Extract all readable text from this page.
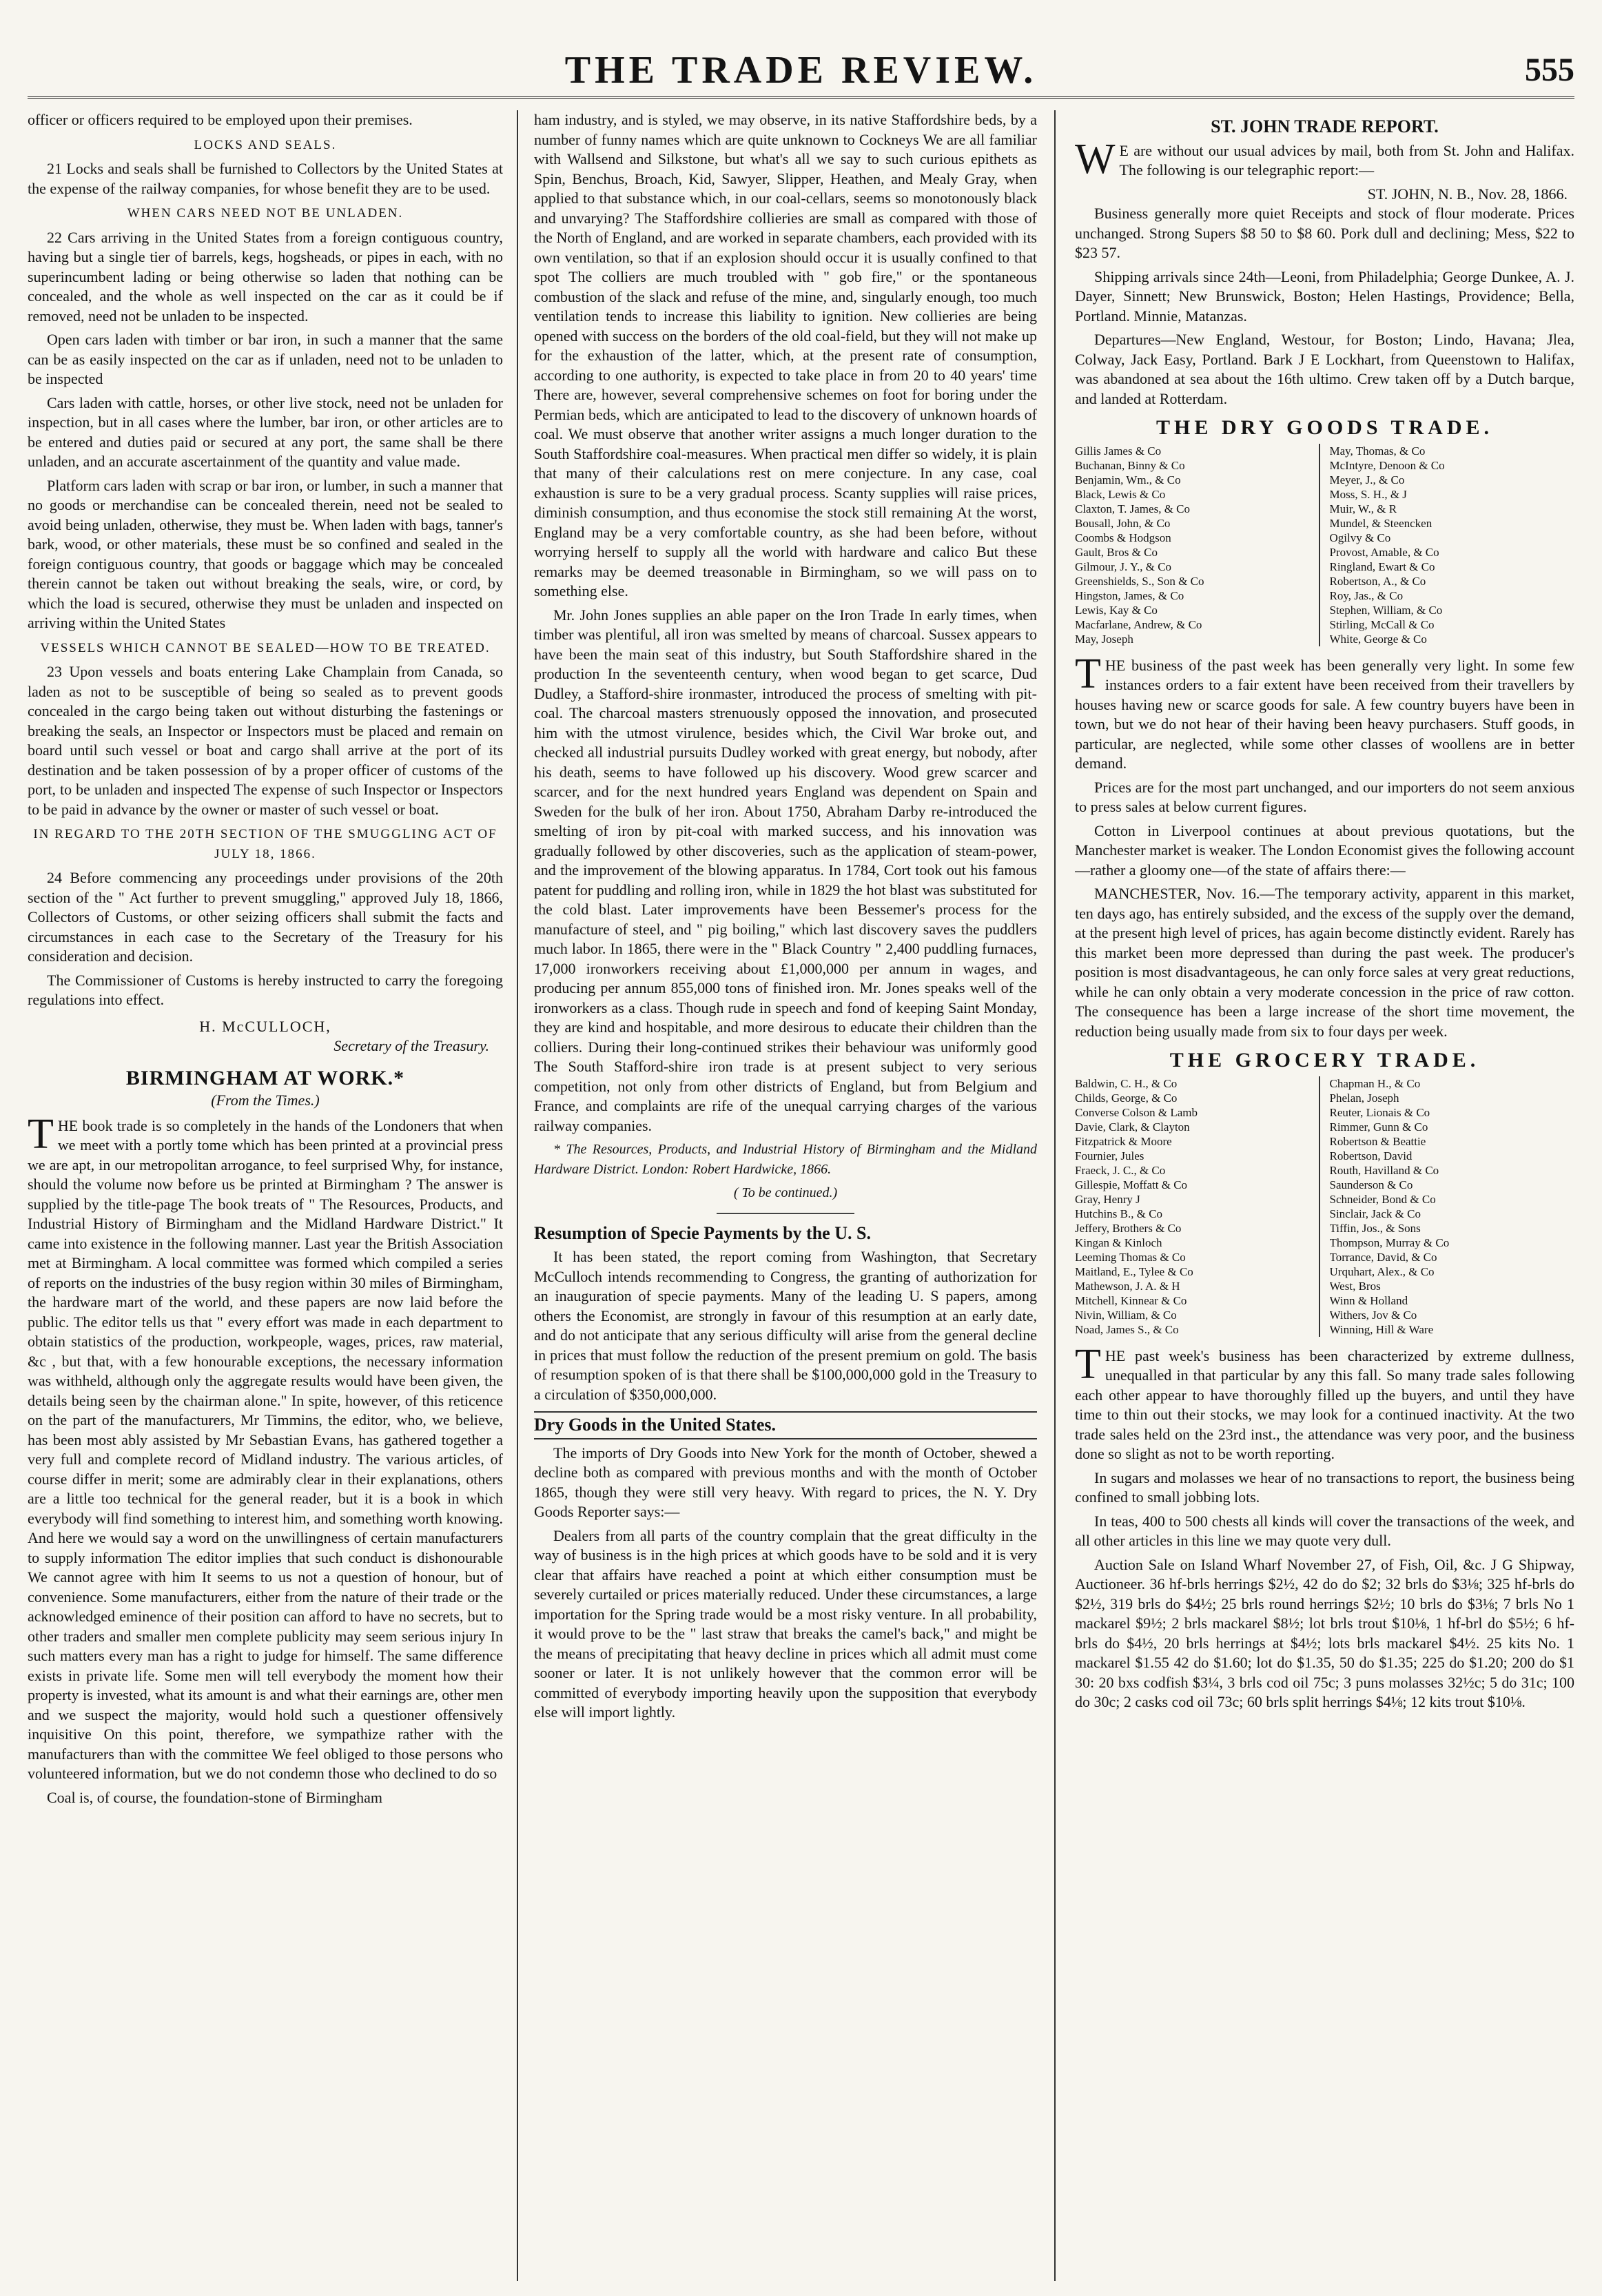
THE TRADE REVIEW.	555

officer or officers required to be employed upon their premises.

LOCKS AND SEALS.

21 Locks and seals shall be furnished to Collectors by the United States at the expense of the railway companies, for whose benefit they are to be used.

WHEN CARS NEED NOT BE UNLADEN.

22 Cars arriving in the United States from a foreign contiguous country, having but a single tier of barrels, kegs, hogsheads, or pipes in each, with no superincumbent lading or being otherwise so laden that nothing can be concealed, and the whole as well inspected on the car as it could be if removed, need not be unladen to be inspected.

Open cars laden with timber or bar iron, in such a manner that the same can be as easily inspected on the car as if unladen, need not to be unladen to be inspected

Cars laden with cattle, horses, or other live stock, need not be unladen for inspection, but in all cases where the lumber, bar iron, or other articles are to be entered and duties paid or secured at any port, the same shall be there unladen, and an accurate ascertainment of the quantity and value made.

Platform cars laden with scrap or bar iron, or lumber, in such a manner that no goods or merchandise can be concealed therein, need not be sealed to avoid being unladen, otherwise, they must be. When laden with bags, tanner's bark, wood, or other materials, these must be so confined and sealed in the foreign contiguous country, that goods or baggage which may be concealed therein cannot be taken out without breaking the seals, wire, or cord, by which the load is secured, otherwise they must be unladen and inspected on arriving within the United States

VESSELS WHICH CANNOT BE SEALED—HOW TO BE TREATED.

23 Upon vessels and boats entering Lake Champlain from Canada, so laden as not to be susceptible of being so sealed as to prevent goods concealed in the cargo being taken out without disturbing the fastenings or breaking the seals, an Inspector or Inspectors must be placed and remain on board until such vessel or boat and cargo shall arrive at the port of its destination and be taken possession of by a proper officer of customs of the port, to be unladen and inspected The expense of such Inspector or Inspectors to be paid in advance by the owner or master of such vessel or boat.

IN REGARD TO THE 20TH SECTION OF THE SMUGGLING ACT OF JULY 18, 1866.

24 Before commencing any proceedings under provisions of the 20th section of the " Act further to prevent smuggling," approved July 18, 1866, Collectors of Customs, or other seizing officers shall submit the facts and circumstances in each case to the Secretary of the Treasury for his consideration and decision.

The Commissioner of Customs is hereby instructed to carry the foregoing regulations into effect.

H. McCULLOCH,
Secretary of the Treasury.
BIRMINGHAM AT WORK.*
(From the Times.)

THE book trade is so completely in the hands of the Londoners that when we meet with a portly tome which has been printed at a provincial press we are apt, in our metropolitan arrogance, to feel surprised Why, for instance, should the volume now before us be printed at Birmingham ? The answer is supplied by the title-page The book treats of " The Resources, Products, and Industrial History of Birmingham and the Midland Hardware District." It came into existence in the following manner. Last year the British Association met at Birmingham. A local committee was formed which compiled a series of reports on the industries of the busy region within 30 miles of Birmingham, the hardware mart of the world, and these papers are now laid before the public. The editor tells us that " every effort was made in each department to obtain statistics of the production, workpeople, wages, prices, raw material, &c , but that, with a few honourable exceptions, the necessary information was withheld, although only the aggregate results would have been given, the details being seen by the chairman alone." In spite, however, of this reticence on the part of the manufacturers, Mr Timmins, the editor, who, we believe, has been most ably assisted by Mr Sebastian Evans, has gathered together a very full and complete record of Midland industry. The various articles, of course differ in merit; some are admirably clear in their explanations, others are a little too technical for the general reader, but it is a book in which everybody will find something to interest him, and something worth knowing. And here we would say a word on the unwillingness of certain manufacturers to supply information The editor implies that such conduct is dishonourable We cannot agree with him It seems to us not a question of honour, but of convenience. Some manufacturers, either from the nature of their trade or the acknowledged eminence of their position can afford to have no secrets, but to other traders and smaller men complete publicity may seem serious injury In such matters every man has a right to judge for himself. The same difference exists in private life. Some men will tell everybody the moment how their property is invested, what its amount is and what their earnings are, other men and we suspect the majority, would hold such a questioner offensively inquisitive On this point, therefore, we sympathize rather with the manufacturers than with the committee We feel obliged to those persons who volunteered information, but we do not condemn those who declined to do so

Coal is, of course, the foundation-stone of Birmingham

ham industry, and is styled, we may observe, in its native Staffordshire beds, by a number of funny names which are quite unknown to Cockneys We are all familiar with Wallsend and Silkstone, but what's all we say to such curious epithets as Spin, Benchus, Broach, Kid, Sawyer, Slipper, Heathen, and Mealy Gray, when applied to that substance which, in our coal-cellars, seems so monotonously black and unvarying? The Staffordshire collieries are small as compared with those of the North of England, and are worked in separate chambers, each provided with its own ventilation, so that if an explosion should occur it is usually confined to that spot The colliers are much troubled with " gob fire," or the spontaneous combustion of the slack and refuse of the mine, and, singularly enough, too much ventilation tends to increase this liability to ignition. New collieries are being opened with success on the borders of the old coal-field, but they will not make up for the exhaustion of the latter, which, at the present rate of consumption, according to one authority, is expected to take place in from 20 to 40 years' time There are, however, several comprehensive schemes on foot for boring under the Permian beds, which are anticipated to lead to the discovery of unknown hoards of coal. We must observe that another writer assigns a much longer duration to the South Staffordshire coal-measures. When practical men differ so widely, it is plain that many of their calculations rest on mere conjecture. In any case, coal exhaustion is sure to be a very gradual process. Scanty supplies will raise prices, diminish consumption, and thus economise the stock still remaining At the worst, England may be a very comfortable country, as she had been before, without worrying herself to supply all the world with hardware and calico But these remarks may be deemed treasonable in Birmingham, so we will pass on to something else.

Mr. John Jones supplies an able paper on the Iron Trade In early times, when timber was plentiful, all iron was smelted by means of charcoal. Sussex appears to have been the main seat of this industry, but South Staffordshire shared in the production In the seventeenth century, when wood began to get scarce, Dud Dudley, a Stafford-shire ironmaster, introduced the process of smelting with pit-coal. The charcoal masters strenuously opposed the innovation, and prosecuted him with the utmost virulence, besides which, the Civil War broke out, and checked all industrial pursuits Dudley worked with great energy, but nobody, after his death, seems to have followed up his discovery. Wood grew scarcer and scarcer, and for the next hundred years England was dependent on Spain and Sweden for the bulk of her iron. About 1750, Abraham Darby re-introduced the smelting of iron by pit-coal with marked success, and his innovation was gradually followed by other discoveries, such as the application of steam-power, and the improvement of the blowing apparatus. In 1784, Cort took out his famous patent for puddling and rolling iron, while in 1829 the hot blast was substituted for the cold blast. Later improvements have been Bessemer's process for the manufacture of steel, and " pig boiling," which last discovery saves the puddlers much labor. In 1865, there were in the " Black Country " 2,400 puddling furnaces, 17,000 ironworkers receiving about £1,000,000 per annum in wages, and producing per annum 855,000 tons of finished iron. Mr. Jones speaks well of the ironworkers as a class. Though rude in speech and fond of keeping Saint Monday, they are kind and hospitable, and more desirous to educate their children than the colliers. During their long-continued strikes their behaviour was uniformly good The South Stafford-shire iron trade is at present subject to very serious competition, not only from other districts of England, but from Belgium and France, and complaints are rife of the unequal carrying charges of the various railway companies.

* The Resources, Products, and Industrial History of Birmingham and the Midland Hardware District. London: Robert Hardwicke, 1866.

( To be continued.)
Resumption of Specie Payments by the U. S.

It has been stated, the report coming from Washington, that Secretary McCulloch intends recommending to Congress, the granting of authorization for an inauguration of specie payments. Many of the leading U. S papers, among others the Economist, are strongly in favour of this resumption at an early date, and do not anticipate that any serious difficulty will arise from the general decline in prices that must follow the reduction of the present premium on gold. The basis of resumption spoken of is that there shall be $100,000,000 gold in the Treasury to a circulation of $350,000,000.

Dry Goods in the United States.

The imports of Dry Goods into New York for the month of October, shewed a decline both as compared with previous months and with the month of October 1865, though they were still very heavy. With regard to prices, the N. Y. Dry Goods Reporter says:—

Dealers from all parts of the country complain that the great difficulty in the way of business is in the high prices at which goods have to be sold and it is very clear that affairs have reached a point at which either consumption must be severely curtailed or prices materially reduced. Under these circumstances, a large importation for the Spring trade would be a most risky venture. In all probability, it would prove to be the " last straw that breaks the camel's back," and might be the means of precipitating that heavy decline in prices which all admit must come sooner or later. It is not unlikely however that the common error will be committed of everybody importing heavily upon the supposition that everybody else will import lightly.

ST. JOHN TRADE REPORT.

WE are without our usual advices by mail, both from St. John and Halifax. The following is our telegraphic report:—

ST. JOHN, N. B., Nov. 28, 1866.

Business generally more quiet Receipts and stock of flour moderate. Prices unchanged. Strong Supers $8 50 to $8 60. Pork dull and declining; Mess, $22 to $23 57.

Shipping arrivals since 24th—Leoni, from Philadelphia; George Dunkee, A. J. Dayer, Sinnett; New Brunswick, Boston; Helen Hastings, Providence; Bella, Portland. Minnie, Matanzas.

Departures—New England, Westour, for Boston; Lindo, Havana; Jlea, Colway, Jack Easy, Portland. Bark J E Lockhart, from Queenstown to Halifax, was abandoned at sea about the 16th ultimo. Crew taken off by a Dutch barque, and landed at Rotterdam.

THE DRY GOODS TRADE.
Gillis James & Co
Buchanan, Binny & Co
Benjamin, Wm., & Co
Black, Lewis & Co
Claxton, T. James, & Co
Bousall, John, & Co
Coombs & Hodgson
Gault, Bros & Co
Gilmour, J. Y., & Co
Greenshields, S., Son & Co
Hingston, James, & Co
Lewis, Kay & Co
Macfarlane, Andrew, & Co
May, Joseph
May, Thomas, & Co
McIntyre, Denoon & Co
Meyer, J., & Co
Moss, S. H., & J
Muir, W., & R
Mundel, & Steencken
Ogilvy & Co
Provost, Amable, & Co
Ringland, Ewart & Co
Robertson, A., & Co
Roy, Jas., & Co
Stephen, William, & Co
Stirling, McCall & Co
White, George & Co

THE business of the past week has been generally very light. In some few instances orders to a fair extent have been received from their travellers by houses having new or scarce goods for sale. A few country buyers have been in town, but we do not hear of their having been heavy purchasers. Stuff goods, in particular, are neglected, while some other classes of woollens are in better demand.

Prices are for the most part unchanged, and our importers do not seem anxious to press sales at below current figures.

Cotton in Liverpool continues at about previous quotations, but the Manchester market is weaker. The London Economist gives the following account—rather a gloomy one—of the state of affairs there:—

MANCHESTER, Nov. 16.—The temporary activity, apparent in this market, ten days ago, has entirely subsided, and the excess of the supply over the demand, at the present high level of prices, has again become distinctly evident. Rarely has this market been more depressed than during the past week. The producer's position is most disadvantageous, he can only force sales at very great reductions, while he can only obtain a very moderate concession in the price of raw cotton. The consequence has been a large increase of the short time movement, the reduction being usually made from six to four days per week.

THE GROCERY TRADE.
Baldwin, C. H., & Co
Childs, George, & Co
Converse Colson & Lamb
Davie, Clark, & Clayton
Fitzpatrick & Moore
Fournier, Jules
Fraeck, J. C., & Co
Gillespie, Moffatt & Co
Gray, Henry J
Hutchins B., & Co
Jeffery, Brothers & Co
Kingan & Kinloch
Leeming Thomas & Co
Maitland, E., Tylee & Co
Mathewson, J. A. & H
Mitchell, Kinnear & Co
Nivin, William, & Co
Noad, James S., & Co
Chapman H., & Co
Phelan, Joseph
Reuter, Lionais & Co
Rimmer, Gunn & Co
Robertson & Beattie
Robertson, David
Routh, Havilland & Co
Saunderson & Co
Schneider, Bond & Co
Sinclair, Jack & Co
Tiffin, Jos., & Sons
Thompson, Murray & Co
Torrance, David, & Co
Urquhart, Alex., & Co
West, Bros
Winn & Holland
Withers, Jov & Co
Winning, Hill & Ware

THE past week's business has been characterized by extreme dullness, unequalled in that particular by any this fall. So many trade sales following each other appear to have thoroughly filled up the buyers, and until they have time to thin out their stocks, we may look for a continued inactivity. At the two trade sales held on the 23rd inst., the attendance was very poor, and the business done so slight as not to be worth reporting.

In sugars and molasses we hear of no transactions to report, the business being confined to small jobbing lots.

In teas, 400 to 500 chests all kinds will cover the transactions of the week, and all other articles in this line we may quote very dull.

Auction Sale on Island Wharf November 27, of Fish, Oil, &c. J G Shipway, Auctioneer. 36 hf-brls herrings $2½, 42 do do $2; 32 brls do $3⅛; 325 hf-brls do $2½, 319 brls do $4½; 25 brls round herrings $2½; 10 brls do $3⅛; 7 brls No 1 mackarel $9½; 2 brls mackarel $8½; lot brls trout $10⅛, 1 hf-brl do $5½; 6 hf-brls do $4½, 20 brls herrings at $4½; lots brls mackarel $4½. 25 kits No. 1 mackarel $1.55 42 do $1.60; lot do $1.35, 50 do $1.35; 225 do $1.20; 200 do $1 30: 20 bxs codfish $3¼, 3 brls cod oil 75c; 3 puns molasses 32½c; 5 do 31c; 100 do 30c; 2 casks cod oil 73c; 60 brls split herrings $4⅛; 12 kits trout $10⅛.
